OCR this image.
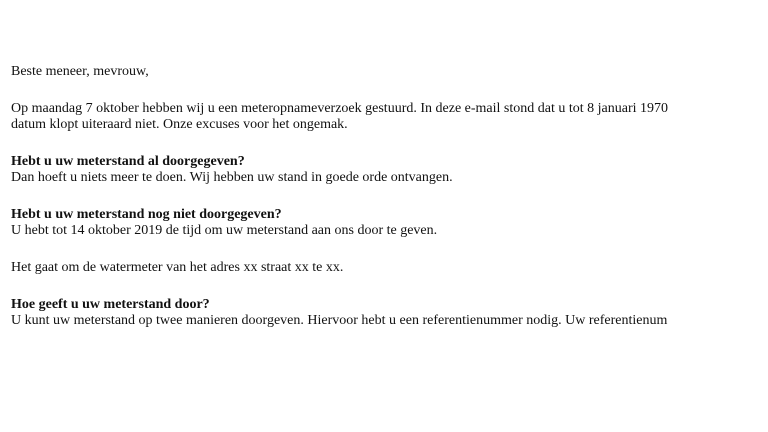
Beste meneer, mevrouw,
Op maandag 7 oktober hebben wij u een meteropnameverzoek gestuurd. In deze e-mail stond dat u tot 8 januari 1970
datum klopt uiteraard niet. Onze excuses voor het ongemak.
Hebt u uw meterstand al doorgegeven?
Dan hoeft u niets meer te doen. Wij hebben uw stand in goede orde ontvangen.
Hebt u uw meterstand nog niet doorgegeven?
U hebt tot 14 oktober 2019 de tijd om uw meterstand aan ons door te geven.
Het gaat om de watermeter van het adres xx straat xx te xx.
Hoe geeft u uw meterstand door?
U kunt uw meterstand op twee manieren doorgeven. Hiervoor hebt u een referentienummer nodig. Uw referentienum
